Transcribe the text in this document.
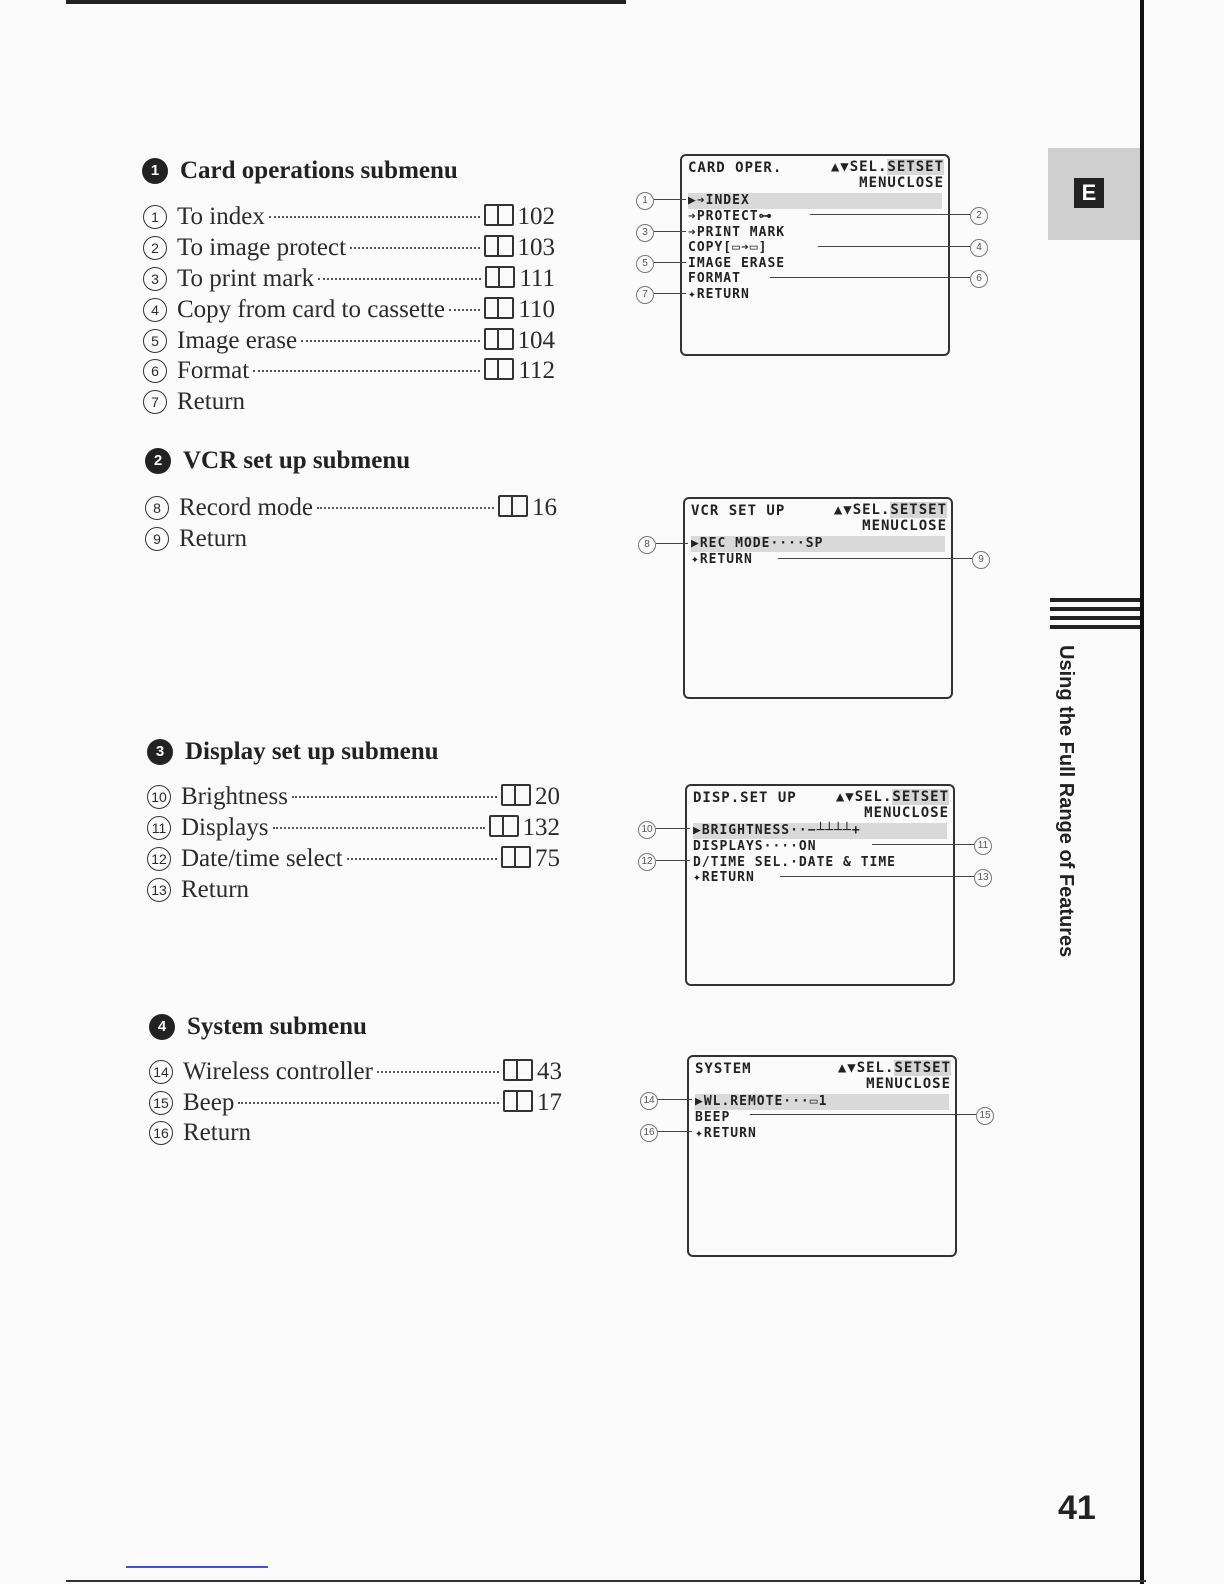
E
Using the Full Range of Features
41
1 Card operations submenu
1 To index	102
2 To image protect	103
3 To print mark	111
4 Copy from card to cassette	110
5 Image erase	104
6 Format	112
7 Return
2 VCR set up submenu
8 Record mode	16
9 Return
3 Display set up submenu
10 Brightness	20
11 Displays	132
12 Date/time select	75
13 Return
4 System submenu
14 Wireless controller	43
15 Beep	17
16 Return
CARD OPER.	▲▼SEL.SETSET
MENUCLOSE
▶➔INDEX
➔PROTECT⊶
➔PRINT MARK
COPY[▭➔▭]
IMAGE ERASE
FORMAT
✦RETURN
1
3
5
7
2
4
6
VCR SET UP	▲▼SEL.SETSET
MENUCLOSE
▶REC MODE····SP
✦RETURN
8
9
DISP.SET UP	▲▼SEL.SETSET
MENUCLOSE
▶BRIGHTNESS··−┴┴┴┴+
DISPLAYS····ON
D/TIME SEL.·DATE & TIME
✦RETURN
10
12
11
13
SYSTEM	▲▼SEL.SETSET
MENUCLOSE
▶WL.REMOTE···▭1
BEEP
✦RETURN
14
16
15
